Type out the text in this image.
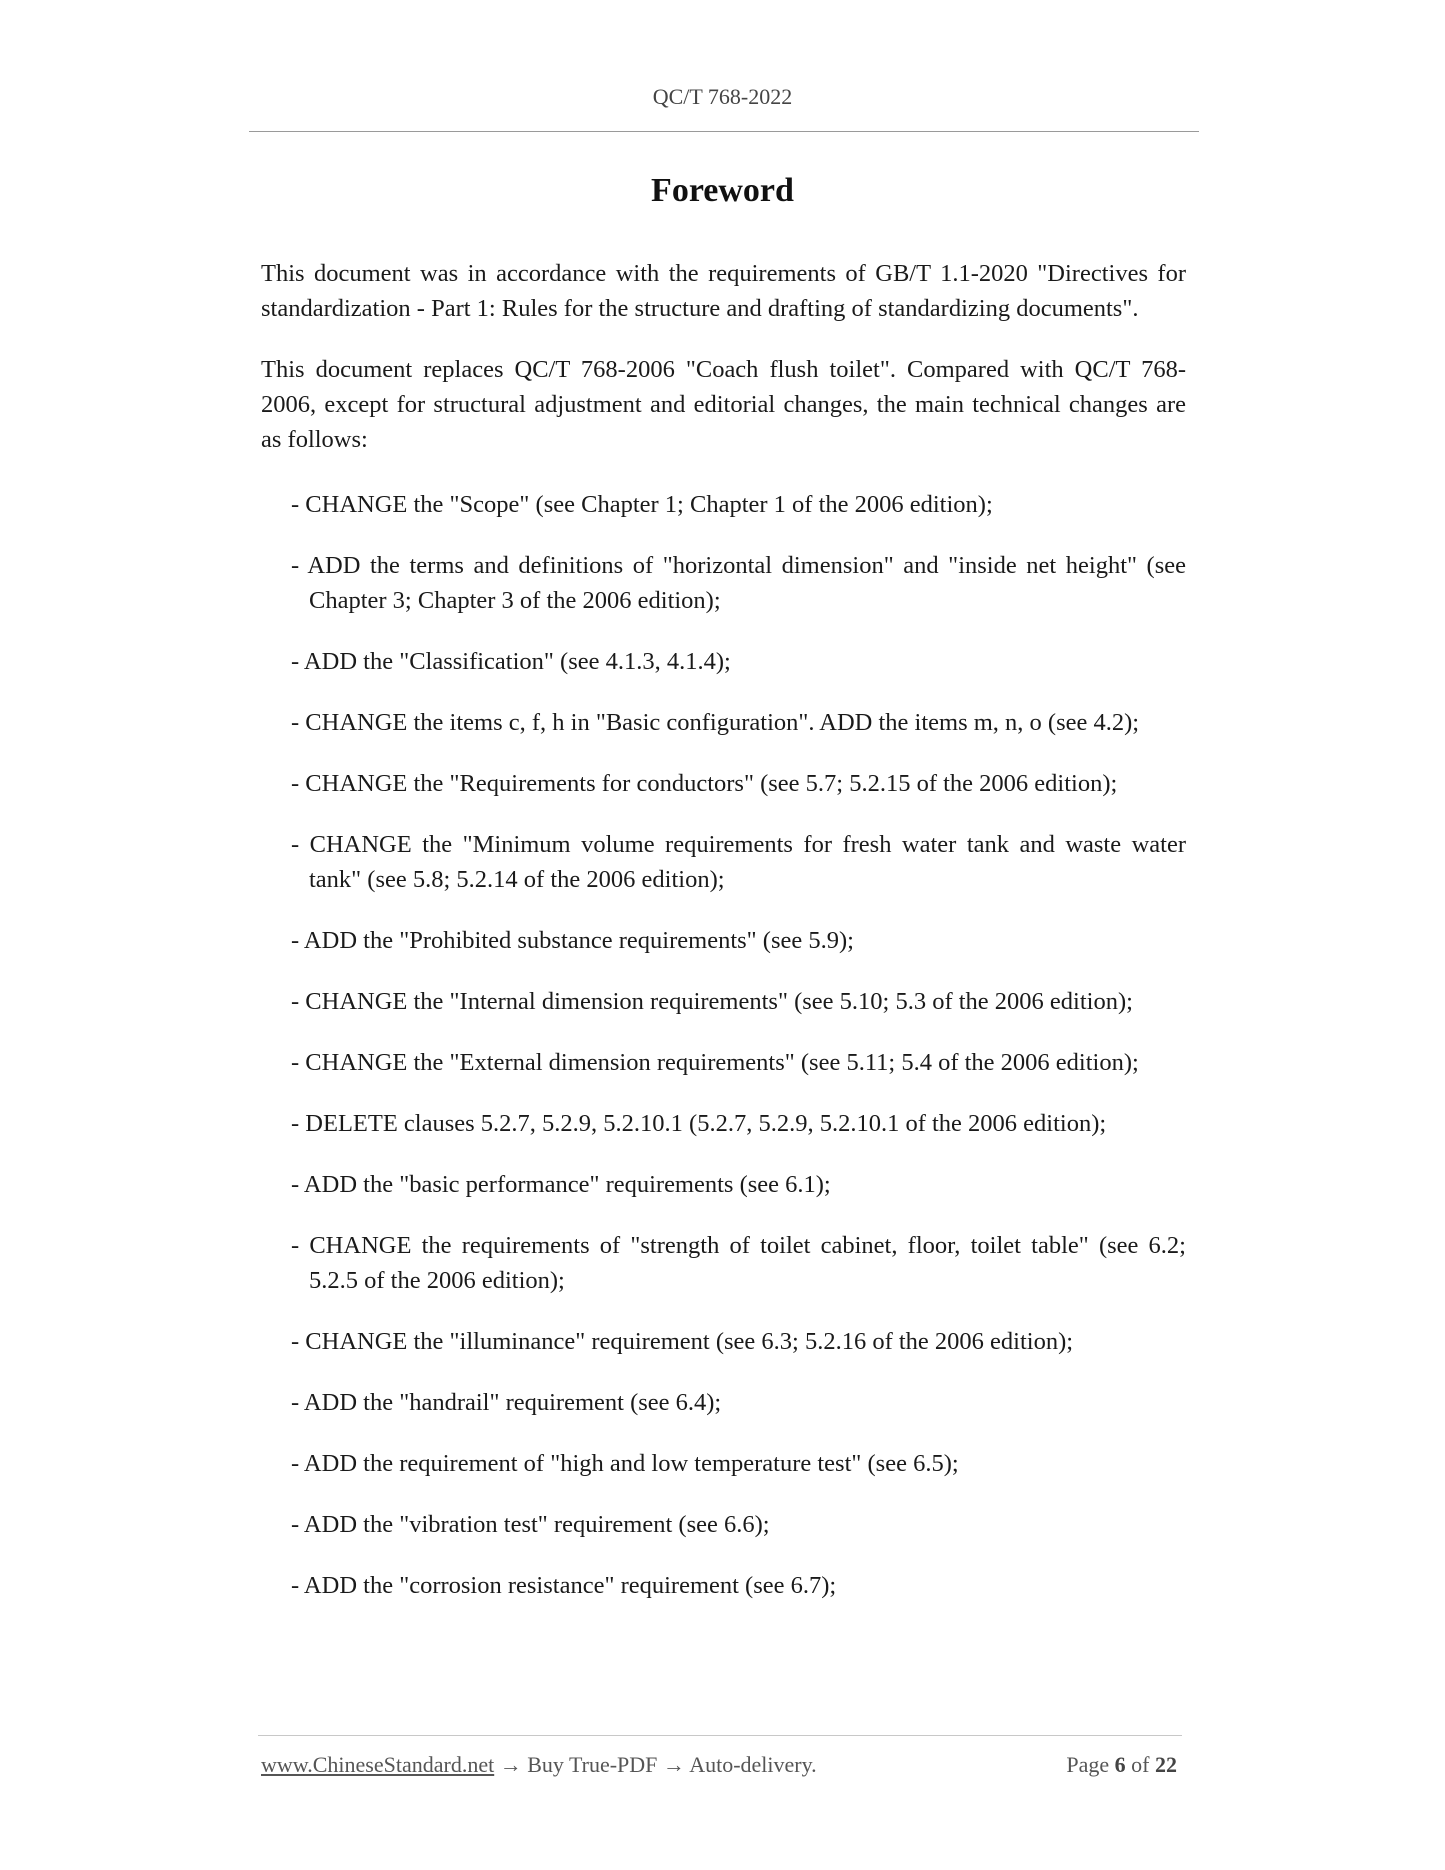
QC/T 768-2022
Foreword

This document was in accordance with the requirements of GB/T 1.1-2020 "Directives for standardization - Part 1: Rules for the structure and drafting of standardizing documents".

This document replaces QC/T 768-2006 "Coach flush toilet". Compared with QC/T 768-2006, except for structural adjustment and editorial changes, the main technical changes are as follows:

- CHANGE the "Scope" (see Chapter 1; Chapter 1 of the 2006 edition);
- ADD the terms and definitions of "horizontal dimension" and "inside net height" (see Chapter 3; Chapter 3 of the 2006 edition);
- ADD the "Classification" (see 4.1.3, 4.1.4);
- CHANGE the items c, f, h in "Basic configuration". ADD the items m, n, o (see 4.2);
- CHANGE the "Requirements for conductors" (see 5.7; 5.2.15 of the 2006 edition);
- CHANGE the "Minimum volume requirements for fresh water tank and waste water tank" (see 5.8; 5.2.14 of the 2006 edition);
- ADD the "Prohibited substance requirements" (see 5.9);
- CHANGE the "Internal dimension requirements" (see 5.10; 5.3 of the 2006 edition);
- CHANGE the "External dimension requirements" (see 5.11; 5.4 of the 2006 edition);
- DELETE clauses 5.2.7, 5.2.9, 5.2.10.1 (5.2.7, 5.2.9, 5.2.10.1 of the 2006 edition);
- ADD the "basic performance" requirements (see 6.1);
- CHANGE the requirements of "strength of toilet cabinet, floor, toilet table" (see 6.2; 5.2.5 of the 2006 edition);
- CHANGE the "illuminance" requirement (see 6.3; 5.2.16 of the 2006 edition);
- ADD the "handrail" requirement (see 6.4);
- ADD the requirement of "high and low temperature test" (see 6.5);
- ADD the "vibration test" requirement (see 6.6);
- ADD the "corrosion resistance" requirement (see 6.7);
www.ChineseStandard.net → Buy True-PDF → Auto-delivery.	Page 6 of 22
